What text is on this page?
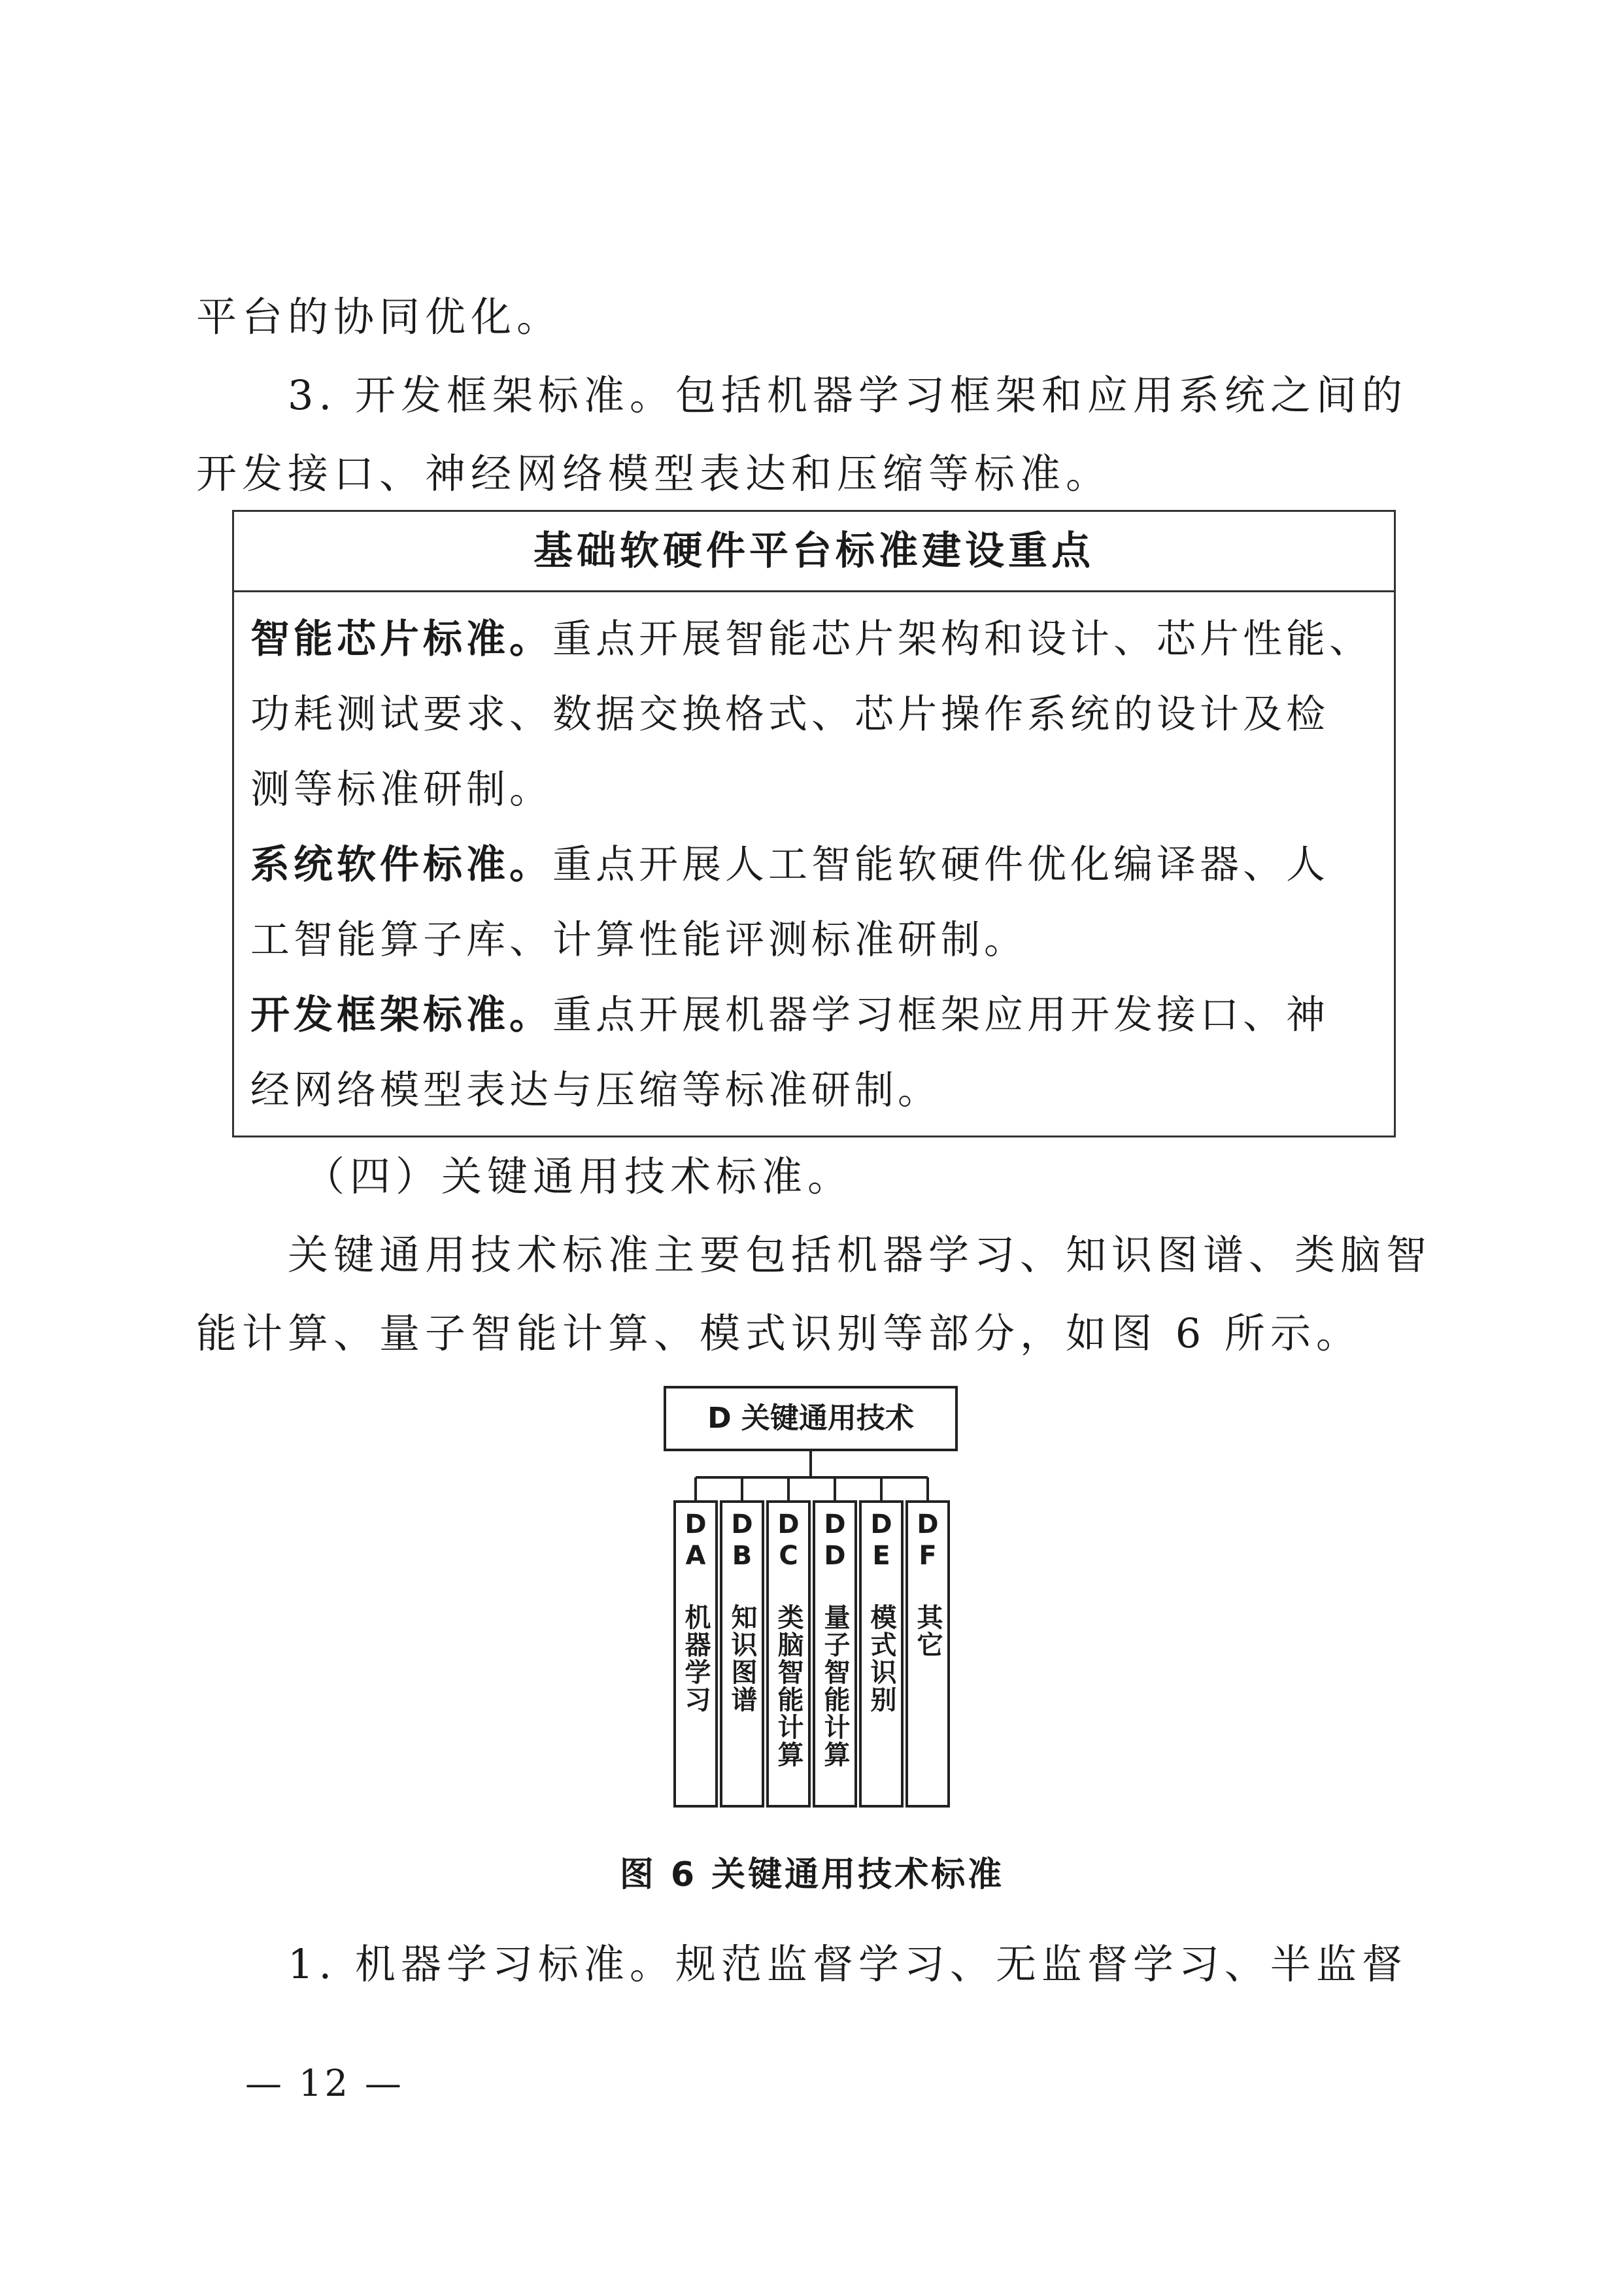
平台的协同优化。
3. 开发框架标准。包括机器学习框架和应用系统之间的
开发接口、神经网络模型表达和压缩等标准。
基础软硬件平台标准建设重点
智能芯片标准。重点开展智能芯片架构和设计、芯片性能、
功耗测试要求、数据交换格式、芯片操作系统的设计及检
测等标准研制。
系统软件标准。重点开展人工智能软硬件优化编译器、人
工智能算子库、计算性能评测标准研制。
开发框架标准。重点开展机器学习框架应用开发接口、神
经网络模型表达与压缩等标准研制。
（四）关键通用技术标准。
关键通用技术标准主要包括机器学习、知识图谱、类脑智
能计算、量子智能计算、模式识别等部分，如图 6 所示。
D 关键通用技术
DA 机器学习 DB 知识图谱 DC 类脑智能计算 DD 量子智能计算 DE 模式识别 DF 其它
图 6 关键通用技术标准
1. 机器学习标准。规范监督学习、无监督学习、半监督
— 12 —
